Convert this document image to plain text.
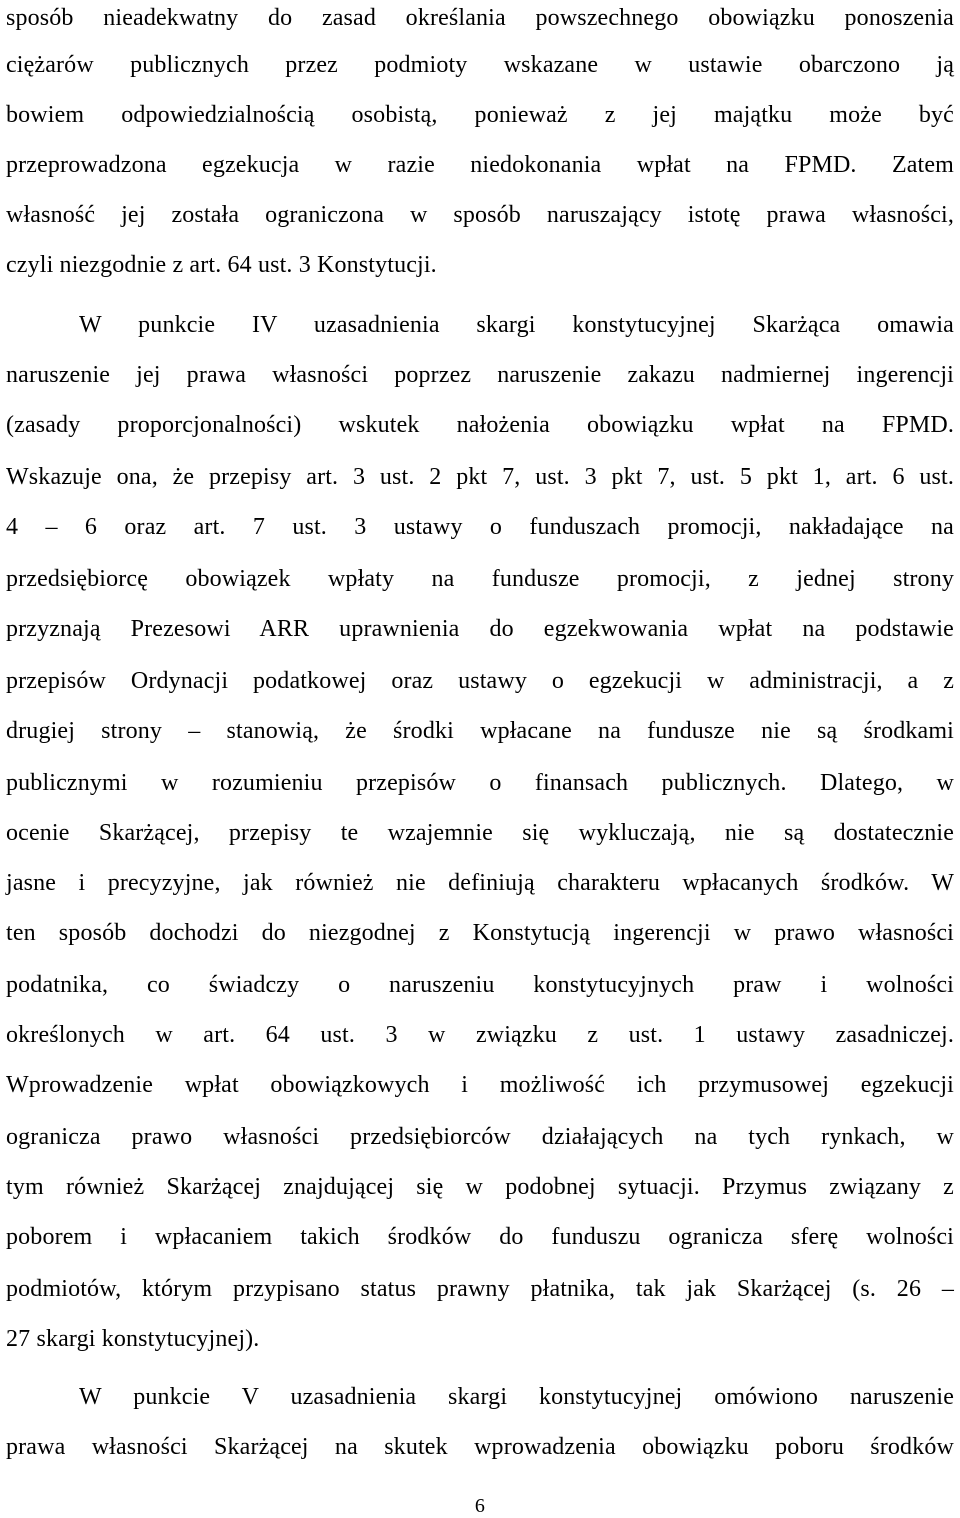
sposób nieadekwatny do zasad określania powszechnego obowiązku ponoszenia
ciężarów publicznych przez podmioty wskazane w ustawie obarczono ją
bowiem odpowiedzialnością osobistą, ponieważ z jej majątku może być
przeprowadzona egzekucja w razie niedokonania wpłat na FPMD. Zatem
własność jej została ograniczona w sposób naruszający istotę prawa własności,
czyli niezgodnie z art. 64 ust. 3 Konstytucji.
W punkcie IV uzasadnienia skargi konstytucyjnej Skarżąca omawia
naruszenie jej prawa własności poprzez naruszenie zakazu nadmiernej ingerencji
(zasady proporcjonalności) wskutek nałożenia obowiązku wpłat na FPMD.
Wskazuje ona, że przepisy art. 3 ust. 2 pkt 7, ust. 3 pkt 7, ust. 5 pkt 1, art. 6 ust.
4 – 6 oraz art. 7 ust. 3 ustawy o funduszach promocji, nakładające na
przedsiębiorcę obowiązek wpłaty na fundusze promocji, z jednej strony
przyznają Prezesowi ARR uprawnienia do egzekwowania wpłat na podstawie
przepisów Ordynacji podatkowej oraz ustawy o egzekucji w administracji, a z
drugiej strony – stanowią, że środki wpłacane na fundusze nie są środkami
publicznymi w rozumieniu przepisów o finansach publicznych. Dlatego, w
ocenie Skarżącej, przepisy te wzajemnie się wykluczają, nie są dostatecznie
jasne i precyzyjne, jak również nie definiują charakteru wpłacanych środków. W
ten sposób dochodzi do niezgodnej z Konstytucją ingerencji w prawo własności
podatnika, co świadczy o naruszeniu konstytucyjnych praw i wolności
określonych w art. 64 ust. 3 w związku z ust. 1 ustawy zasadniczej.
Wprowadzenie wpłat obowiązkowych i możliwość ich przymusowej egzekucji
ogranicza prawo własności przedsiębiorców działających na tych rynkach, w
tym również Skarżącej znajdującej się w podobnej sytuacji. Przymus związany z
poborem i wpłacaniem takich środków do funduszu ogranicza sferę wolności
podmiotów, którym przypisano status prawny płatnika, tak jak Skarżącej (s. 26 –
27 skargi konstytucyjnej).
W punkcie V uzasadnienia skargi konstytucyjnej omówiono naruszenie
prawa własności Skarżącej na skutek wprowadzenia obowiązku poboru środków
6
